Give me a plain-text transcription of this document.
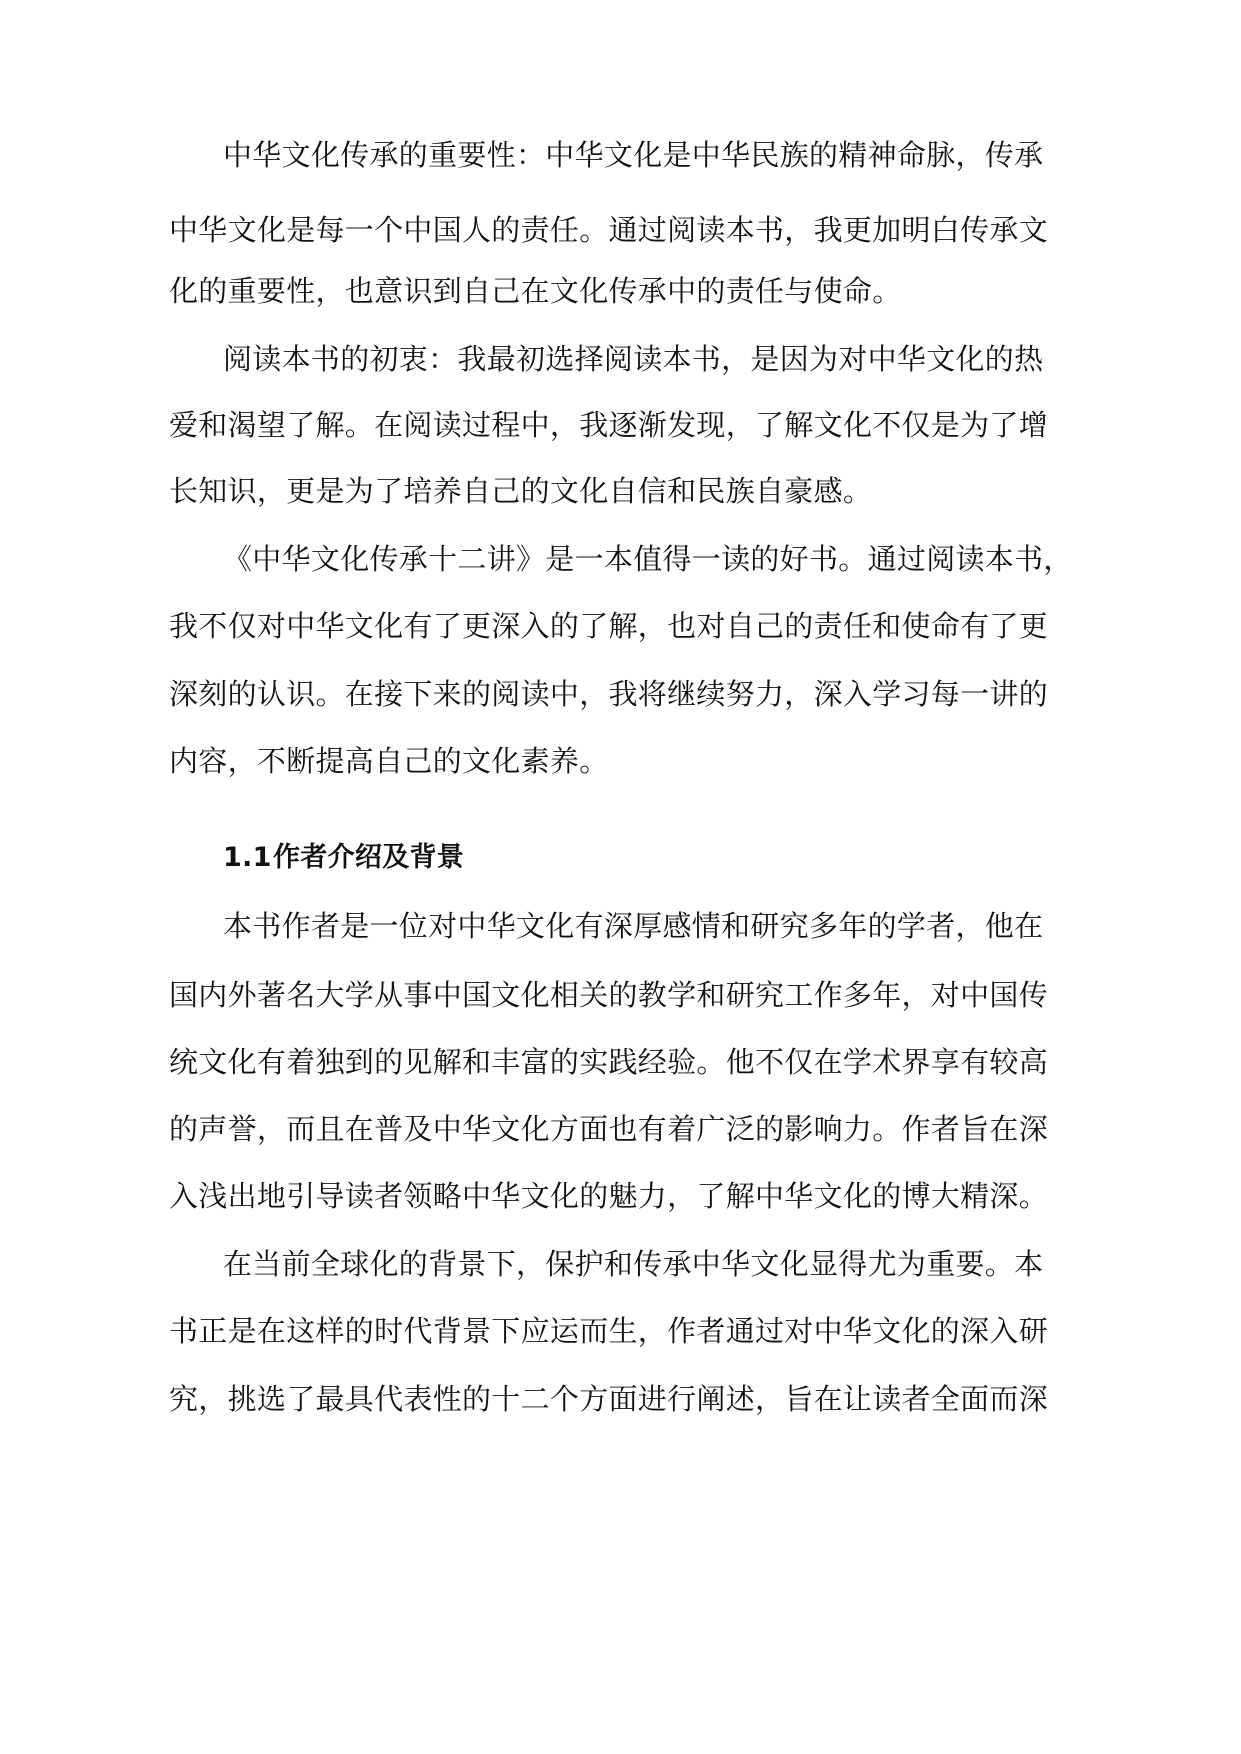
中华文化传承的重要性：中华文化是中华民族的精神命脉，传承
中华文化是每一个中国人的责任。通过阅读本书，我更加明白传承文
化的重要性，也意识到自己在文化传承中的责任与使命。
阅读本书的初衷：我最初选择阅读本书，是因为对中华文化的热
爱和渴望了解。在阅读过程中，我逐渐发现，了解文化不仅是为了增
长知识，更是为了培养自己的文化自信和民族自豪感。
《中华文化传承十二讲》是一本值得一读的好书。通过阅读本书，
我不仅对中华文化有了更深入的了解，也对自己的责任和使命有了更
深刻的认识。在接下来的阅读中，我将继续努力，深入学习每一讲的
内容，不断提高自己的文化素养。
1.1 作者介绍及背景
本书作者是一位对中华文化有深厚感情和研究多年的学者，他在
国内外著名大学从事中国文化相关的教学和研究工作多年，对中国传
统文化有着独到的见解和丰富的实践经验。他不仅在学术界享有较高
的声誉，而且在普及中华文化方面也有着广泛的影响力。作者旨在深
入浅出地引导读者领略中华文化的魅力，了解中华文化的博大精深。
在当前全球化的背景下，保护和传承中华文化显得尤为重要。本
书正是在这样的时代背景下应运而生，作者通过对中华文化的深入研
究，挑选了最具代表性的十二个方面进行阐述，旨在让读者全面而深
